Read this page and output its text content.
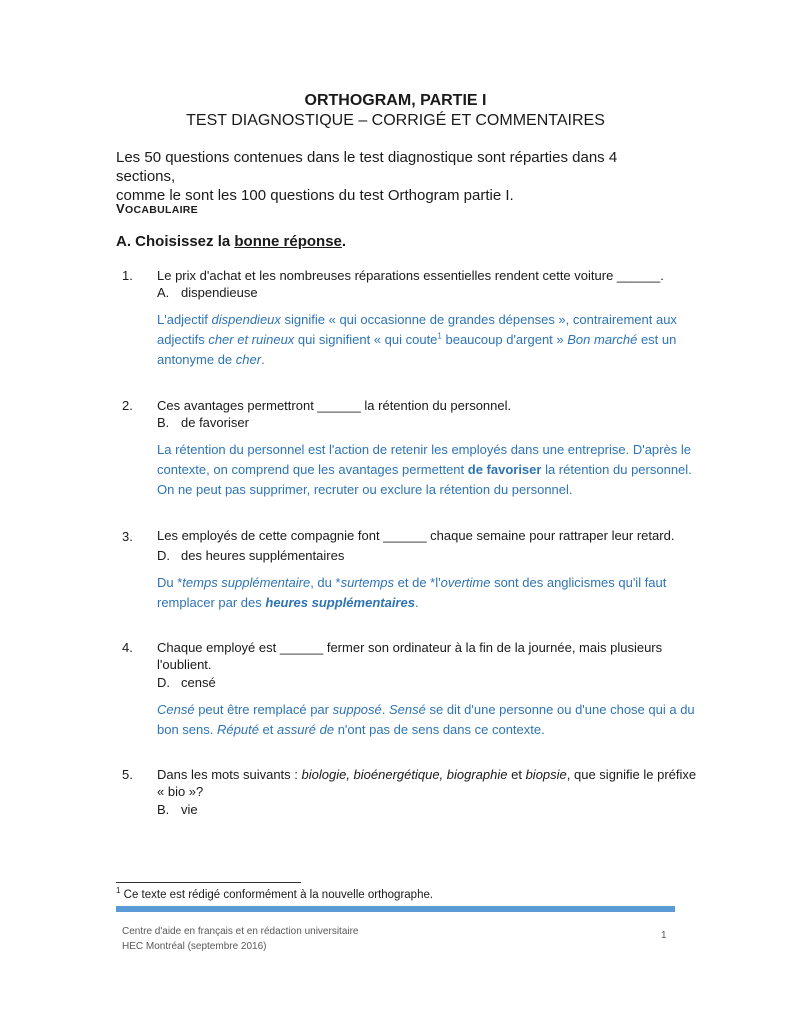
ORTHOGRAM, PARTIE I
TEST DIAGNOSTIQUE – CORRIGÉ ET COMMENTAIRES
Les 50 questions contenues dans le test diagnostique sont réparties dans 4 sections,
comme le sont les 100 questions du test Orthogram partie I.
VOCABULAIRE
A. Choisissez la bonne réponse.
1. Le prix d'achat et les nombreuses réparations essentielles rendent cette voiture ______.
A. dispendieuse
L'adjectif dispendieux signifie « qui occasionne de grandes dépenses », contrairement aux adjectifs cher et ruineux qui signifient « qui coute$^1$ beaucoup d'argent » Bon marché est un antonyme de cher.
2. Ces avantages permettront ______ la rétention du personnel.
B. de favoriser
La rétention du personnel est l'action de retenir les employés dans une entreprise. D'après le contexte, on comprend que les avantages permettent de favoriser la rétention du personnel. On ne peut pas supprimer, recruter ou exclure la rétention du personnel.
3. Les employés de cette compagnie font ______ chaque semaine pour rattraper leur retard.
D. des heures supplémentaires
Du *temps supplémentaire, du *surtemps et de *l'overtime sont des anglicismes qu'il faut remplacer par des heures supplémentaires.
4. Chaque employé est ______ fermer son ordinateur à la fin de la journée, mais plusieurs l'oublient.
D. censé
Censé peut être remplacé par supposé. Sensé se dit d'une personne ou d'une chose qui a du bon sens. Réputé et assuré de n'ont pas de sens dans ce contexte.
5. Dans les mots suivants : biologie, bioénergétique, biographie et biopsie, que signifie le préfixe « bio »?
B. vie
$^1$ Ce texte est rédigé conformément à la nouvelle orthographe.
Centre d'aide en français et en rédaction universitaire
HEC Montréal (septembre 2016)
1
